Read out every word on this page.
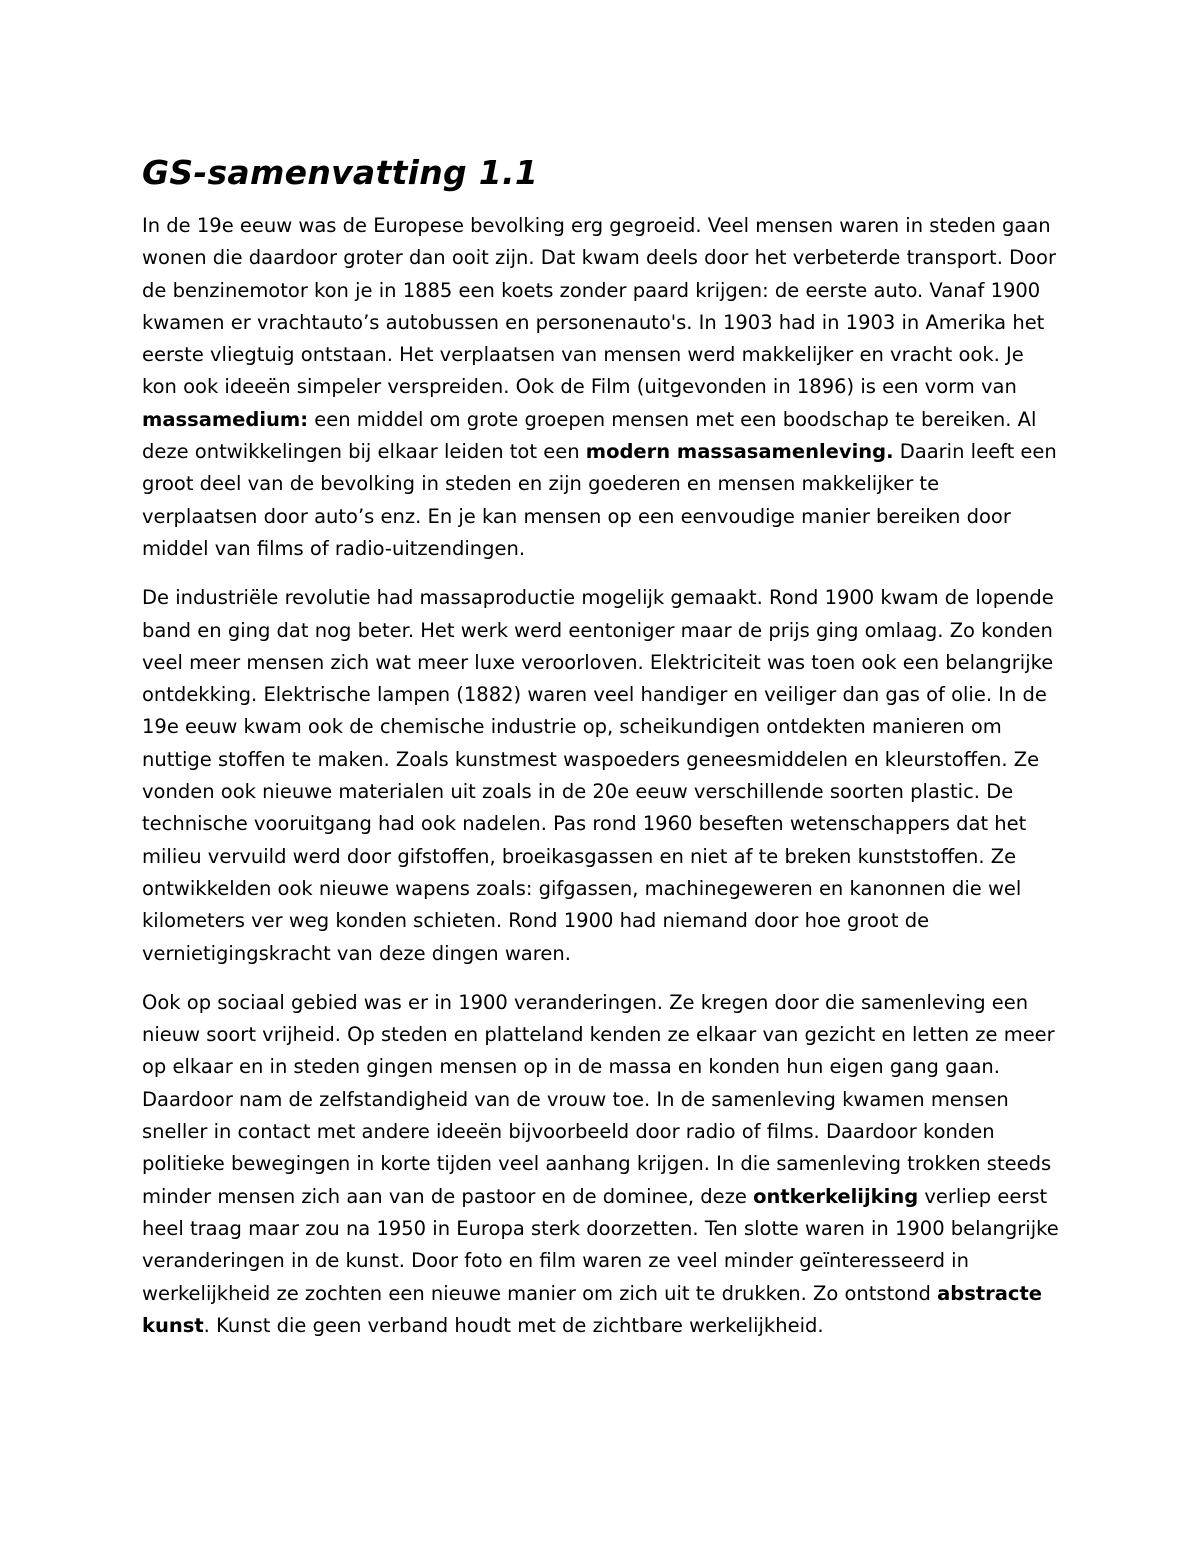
GS-samenvatting 1.1

In de 19e eeuw was de Europese bevolking erg gegroeid. Veel mensen waren in steden gaan wonen die daardoor groter dan ooit zijn. Dat kwam deels door het verbeterde transport. Door de benzinemotor kon je in 1885 een koets zonder paard krijgen: de eerste auto. Vanaf 1900 kwamen er vrachtauto’s autobussen en personenauto's. In 1903 had in 1903 in Amerika het eerste vliegtuig ontstaan. Het verplaatsen van mensen werd makkelijker en vracht ook. Je kon ook ideeën simpeler verspreiden. Ook de Film (uitgevonden in 1896) is een vorm van massamedium: een middel om grote groepen mensen met een boodschap te bereiken. Al deze ontwikkelingen bij elkaar leiden tot een modern massasamenleving. Daarin leeft een groot deel van de bevolking in steden en zijn goederen en mensen makkelijker te verplaatsen door auto’s enz. En je kan mensen op een eenvoudige manier bereiken door middel van films of radio-uitzendingen.

De industriële revolutie had massaproductie mogelijk gemaakt. Rond 1900 kwam de lopende band en ging dat nog beter. Het werk werd eentoniger maar de prijs ging omlaag. Zo konden veel meer mensen zich wat meer luxe veroorloven. Elektriciteit was toen ook een belangrijke ontdekking. Elektrische lampen (1882) waren veel handiger en veiliger dan gas of olie. In de 19e eeuw kwam ook de chemische industrie op, scheikundigen ontdekten manieren om nuttige stoffen te maken. Zoals kunstmest waspoeders geneesmiddelen en kleurstoffen. Ze vonden ook nieuwe materialen uit zoals in de 20e eeuw verschillende soorten plastic. De technische vooruitgang had ook nadelen. Pas rond 1960 beseften wetenschappers dat het milieu vervuild werd door gifstoffen, broeikasgassen en niet af te breken kunststoffen. Ze ontwikkelden ook nieuwe wapens zoals: gifgassen, machinegeweren en kanonnen die wel kilometers ver weg konden schieten. Rond 1900 had niemand door hoe groot de vernietigingskracht van deze dingen waren.

Ook op sociaal gebied was er in 1900 veranderingen. Ze kregen door die samenleving een nieuw soort vrijheid. Op steden en platteland kenden ze elkaar van gezicht en letten ze meer op elkaar en in steden gingen mensen op in de massa en konden hun eigen gang gaan. Daardoor nam de zelfstandigheid van de vrouw toe. In de samenleving kwamen mensen sneller in contact met andere ideeën bijvoorbeeld door radio of films. Daardoor konden politieke bewegingen in korte tijden veel aanhang krijgen. In die samenleving trokken steeds minder mensen zich aan van de pastoor en de dominee, deze ontkerkelijking verliep eerst heel traag maar zou na 1950 in Europa sterk doorzetten. Ten slotte waren in 1900 belangrijke veranderingen in de kunst. Door foto en film waren ze veel minder geïnteresseerd in werkelijkheid ze zochten een nieuwe manier om zich uit te drukken. Zo ontstond abstracte kunst. Kunst die geen verband houdt met de zichtbare werkelijkheid.
